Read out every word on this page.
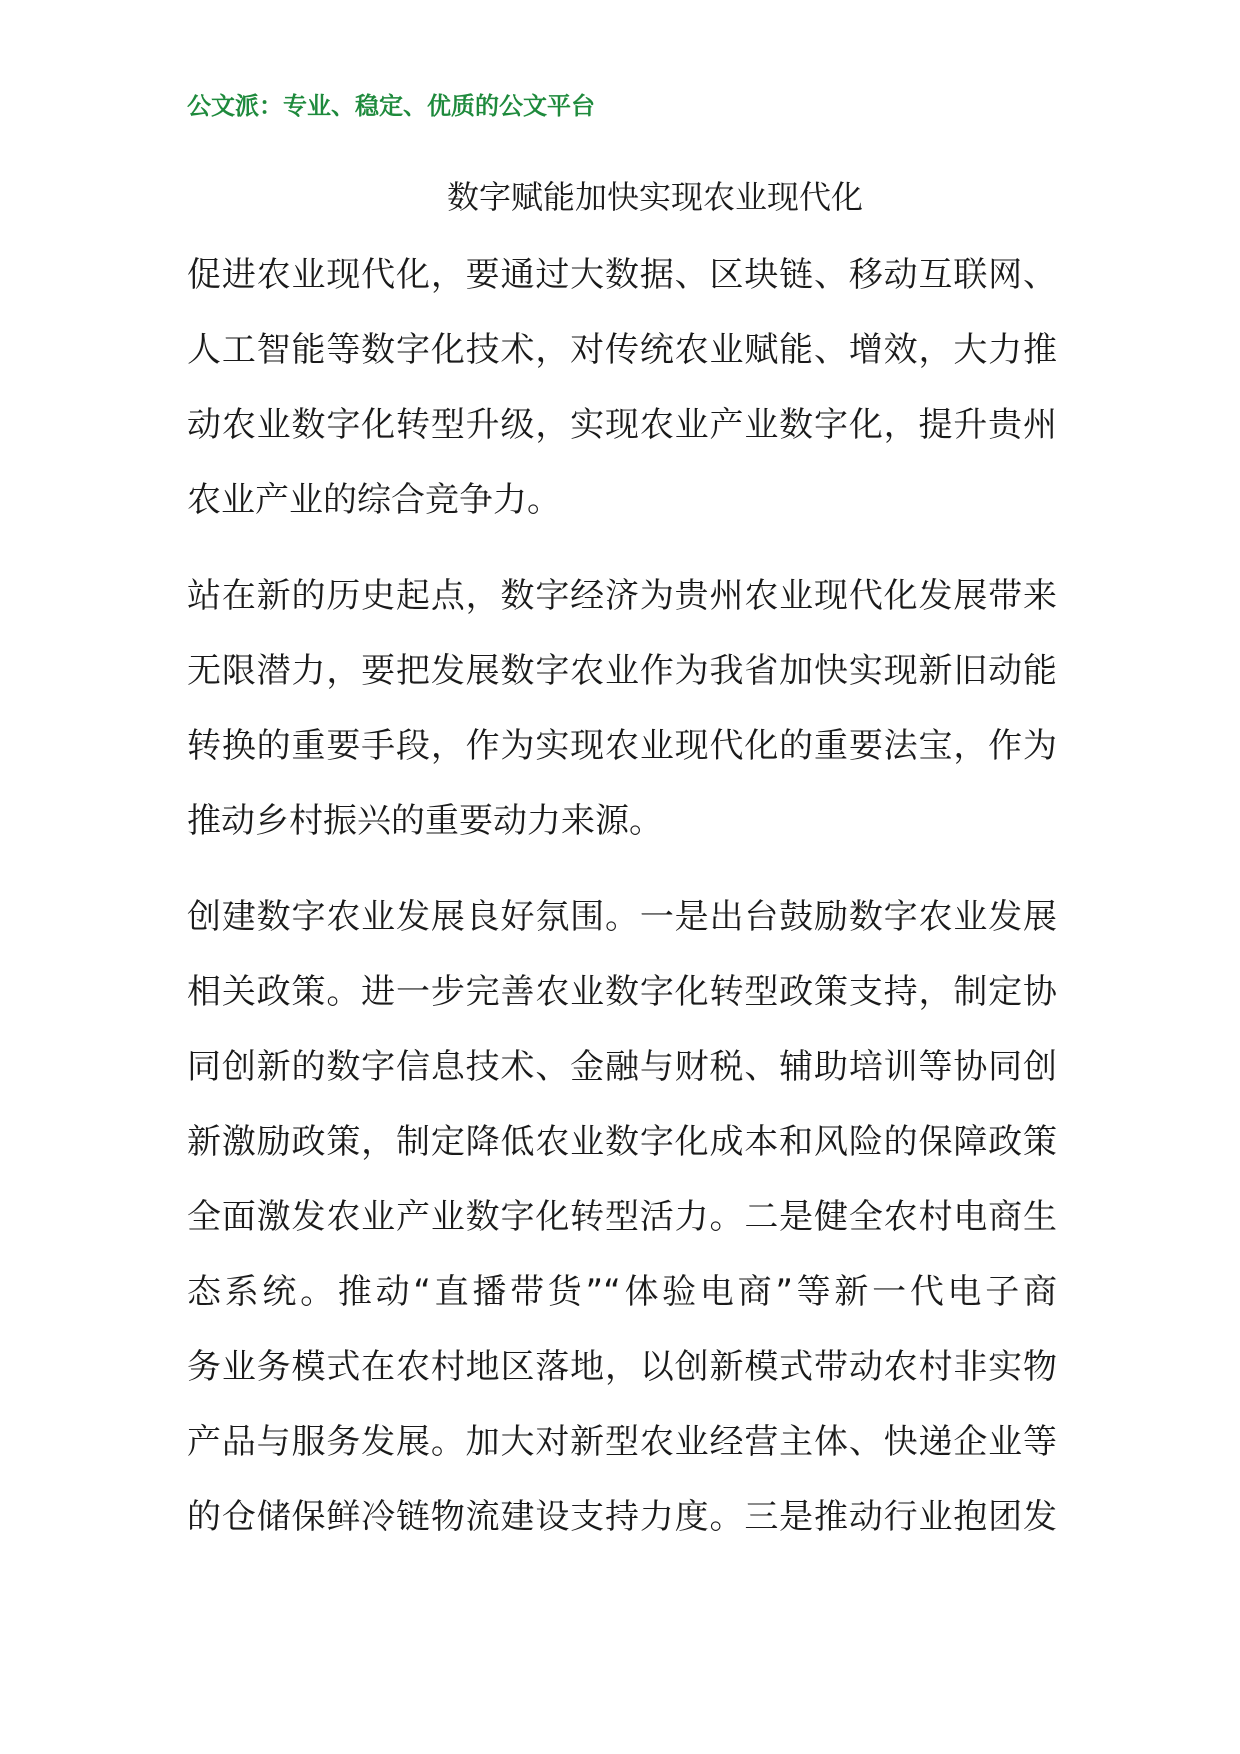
公文派：专业、稳定、优质的公文平台
数字赋能加快实现农业现代化
促进农业现代化，要通过大数据、区块链、移动互联网、
人工智能等数字化技术，对传统农业赋能、增效，大力推
动农业数字化转型升级，实现农业产业数字化，提升贵州
农业产业的综合竞争力。
站在新的历史起点，数字经济为贵州农业现代化发展带来
无限潜力，要把发展数字农业作为我省加快实现新旧动能
转换的重要手段，作为实现农业现代化的重要法宝，作为
推动乡村振兴的重要动力来源。
创建数字农业发展良好氛围。一是出台鼓励数字农业发展
相关政策。进一步完善农业数字化转型政策支持，制定协
同创新的数字信息技术、金融与财税、辅助培训等协同创
新激励政策，制定降低农业数字化成本和风险的保障政策
全面激发农业产业数字化转型活力。二是健全农村电商生
态系统。推动“直播带货”“体验电商”等新一代电子商
务业务模式在农村地区落地，以创新模式带动农村非实物
产品与服务发展。加大对新型农业经营主体、快递企业等
的仓储保鲜冷链物流建设支持力度。三是推动行业抱团发
